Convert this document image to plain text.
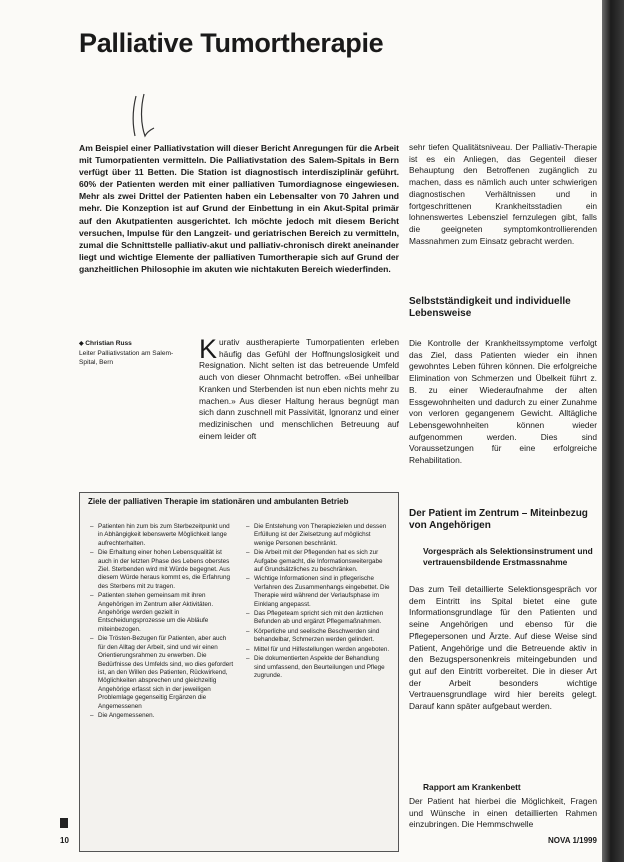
Palliative Tumortherapie
Am Beispiel einer Palliativstation will dieser Bericht Anregungen für die Arbeit mit Tumorpatienten vermitteln. Die Palliativstation des Salem-Spitals in Bern verfügt über 11 Betten. Die Station ist diagnostisch interdisziplinär geführt. 60% der Patienten werden mit einer palliativen Tumordiagnose eingewiesen. Mehr als zwei Drittel der Patienten haben ein Lebensalter von 70 Jahren und mehr. Die Konzeption ist auf Grund der Einbettung in ein Akut-Spital primär auf den Akutpatienten ausgerichtet. Ich möchte jedoch mit diesem Bericht versuchen, Impulse für den Langzeit- und geriatrischen Bereich zu vermitteln, zumal die Schnittstelle palliativ-akut und palliativ-chronisch direkt aneinander liegt und wichtige Elemente der palliativen Tumortherapie sich auf Grund der ganzheitlichen Philosophie im akuten wie nichtakuten Bereich wiederfinden.
◆ Christian Russ
Leiter Palliativstation am Salem-Spital, Bern	Kurativ austherapierte Tumorpatienten erleben häufig das Gefühl der Hoffnungslosigkeit und Resignation. Nicht selten ist das betreuende Umfeld auch von dieser Ohnmacht betroffen. «Bei unheilbar Kranken und Sterbenden ist nun eben nichts mehr zu machen.» Aus dieser Haltung heraus begnügt man sich dann zuschnell mit Passivität, Ignoranz und einer medizinischen und menschlichen Betreuung auf einem leider oft
Ziele der palliativen Therapie im stationären und ambulanten Betrieb
– Patienten hin zum bis zum Sterbezeitpunkt und in Abhängigkeit lebenswerte Möglichkeit lange aufrechterhalten.
– Die Erhaltung einer hohen Lebensqualität ist auch in der letzten Phase des Lebens oberstes Ziel. Sterbenden wird mit Würde begegnet. Aus diesem Würde heraus kommt es, die Erfahrung des Sterbens mit zu tragen.
– Patienten stehen gemeinsam mit ihren Angehörigen im Zentrum aller Aktivitäten. Angehörige werden gezielt in Entscheidungsprozesse um die Abläufe miteinbezogen.
– Die Trösten-Bezugen für Patienten, aber auch für den Alltag der Arbeit, sind und wir einen Orientierungsrahmen zu erwerben. Die Bedürfnisse des Umfelds sind, wo dies gefordert ist, an den Willen des Patienten, Rückwirkend, Möglichkeiten absprechen und gleichzeitig Angehörige erfasst sich in der jeweiligen Problemlage gegenseitig Ergänzen die Angemessenen
– Die Angemessenen.
– Die Entstehung von Therapiezielen und dessen Erfüllung ist der Zielsetzung auf möglichst wenige Personen beschränkt.
– Die Arbeit mit der Pflegenden hat es sich zur Aufgabe gemacht, die Informationsweitergabe auf Grundsätzliches zu beschränken.
– Wichtige Informationen sind in pflegerische Verfahren des Zusammenhangs eingebettet. Die Therapie wird während der Verlaufsphase im Einklang angepasst.
– Das Pflegeteam spricht sich mit den ärztlichen Befunden ab und ergänzt Pflegemaßnahmen.
– Körperliche und seelische Beschwerden sind behandelbar, Schmerzen werden gelindert.
– Mittel für und Hilfestellungen werden angeboten.
– Die dokumentierten Aspekte der Behandlung sind umfassend, den Beurteilungen und Pflege zugrunde.
sehr tiefen Qualitätsniveau. Der Palliativ-Therapie ist es ein Anliegen, das Gegenteil dieser Behauptung den Betroffenen zugänglich zu machen, dass es nämlich auch unter schwierigen diagnostischen Verhältnissen und in fortgeschrittenen Krankheitsstadien ein lohnenswertes Lebensziel fernzulegen gibt, falls die geeigneten symptomkontrollierenden Massnahmen zum Einsatz gebracht werden.
Selbstständigkeit und individuelle Lebensweise
Die Kontrolle der Krankheitssymptome verfolgt das Ziel, dass Patienten wieder ein ihnen gewohntes Leben führen können. Die erfolgreiche Elimination von Schmerzen und Übelkeit führt z. B. zu einer Wiederaufnahme der alten Essgewohnheiten und dadurch zu einer Zunahme von verloren gegangenem Gewicht. Alltägliche Lebensgewohnheiten können wieder aufgenommen werden. Dies sind Voraussetzungen für eine erfolgreiche Rehabilitation.
Der Patient im Zentrum – Miteinbezug von Angehörigen
Vorgespräch als Selektionsinstrument und vertrauensbildende Erstmassnahme
Das zum Teil detaillierte Selektionsgespräch vor dem Eintritt ins Spital bietet eine gute Informationsgrundlage für den Patienten und seine Angehörigen und ebenso für die Pflegepersonen und Ärzte. Auf diese Weise sind Patient, Angehörige und die Betreuende aktiv in den Bezugspersonenkreis miteingebunden und gut auf den Eintritt vorbereitet. Die in dieser Art der Arbeit besonders wichtige Vertrauensgrundlage wird hier bereits gelegt. Darauf kann später aufgebaut werden.
Rapport am Krankenbett
Der Patient hat hierbei die Möglichkeit, Fragen und Wünsche in einen detaillierten Rahmen einzubringen. Die Hemmschwelle
10	NOVA 1/1999
